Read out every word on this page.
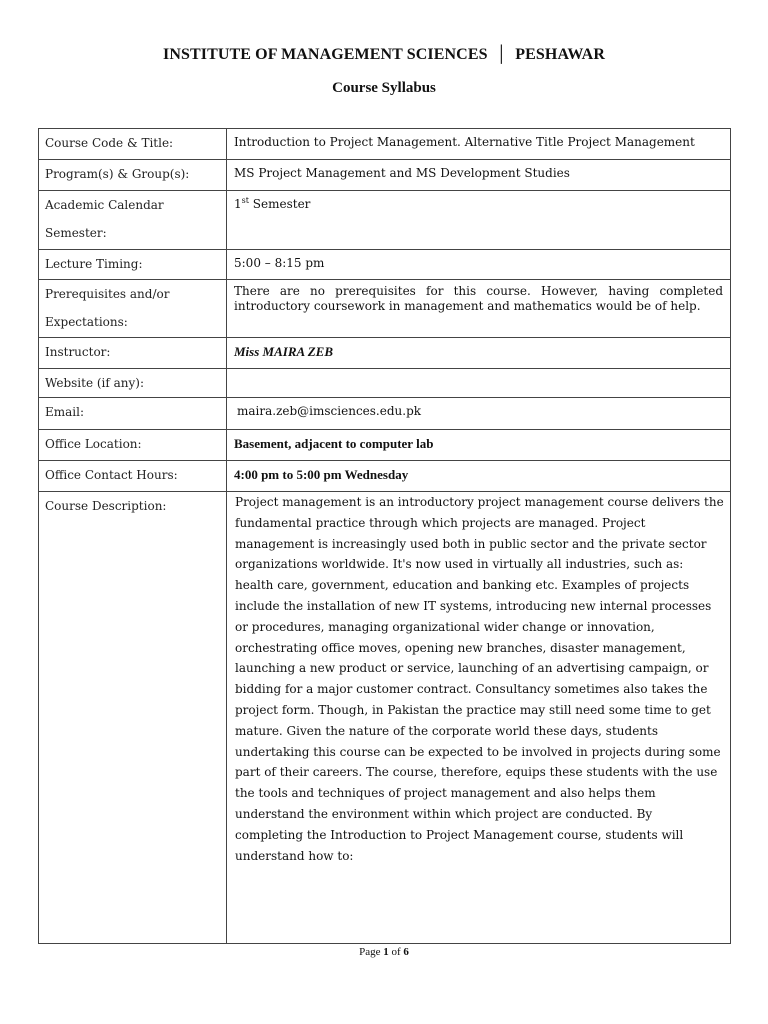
INSTITUTE OF MANAGEMENT SCIENCES │ PESHAWAR
Course Syllabus
Course Code & Title:	Introduction to Project Management. Alternative Title Project Management
Program(s) & Group(s):	MS Project Management and MS Development Studies
Academic Calendar Semester:	1st Semester
Lecture Timing:	5:00 – 8:15 pm
Prerequisites and/or Expectations:	There are no prerequisites for this course. However, having completed introductory coursework in management and mathematics would be of help.
Instructor:	Miss MAIRA ZEB
Website (if any):	
Email:	maira.zeb@imsciences.edu.pk
Office Location:	Basement, adjacent to computer lab
Office Contact Hours:	4:00 pm to 5:00 pm Wednesday
Course Description:	Project management is an introductory project management course delivers the fundamental practice through which projects are managed. Project management is increasingly used both in public sector and the private sector organizations worldwide. It's now used in virtually all industries, such as: health care, government, education and banking etc. Examples of projects include the installation of new IT systems, introducing new internal processes or procedures, managing organizational wider change or innovation, orchestrating office moves, opening new branches, disaster management, launching a new product or service, launching of an advertising campaign, or bidding for a major customer contract. Consultancy sometimes also takes the project form. Though, in Pakistan the practice may still need some time to get mature. Given the nature of the corporate world these days, students undertaking this course can be expected to be involved in projects during some part of their careers. The course, therefore, equips these students with the use the tools and techniques of project management and also helps them understand the environment within which project are conducted. By completing the Introduction to Project Management course, students will understand how to:
Page 1 of 6
